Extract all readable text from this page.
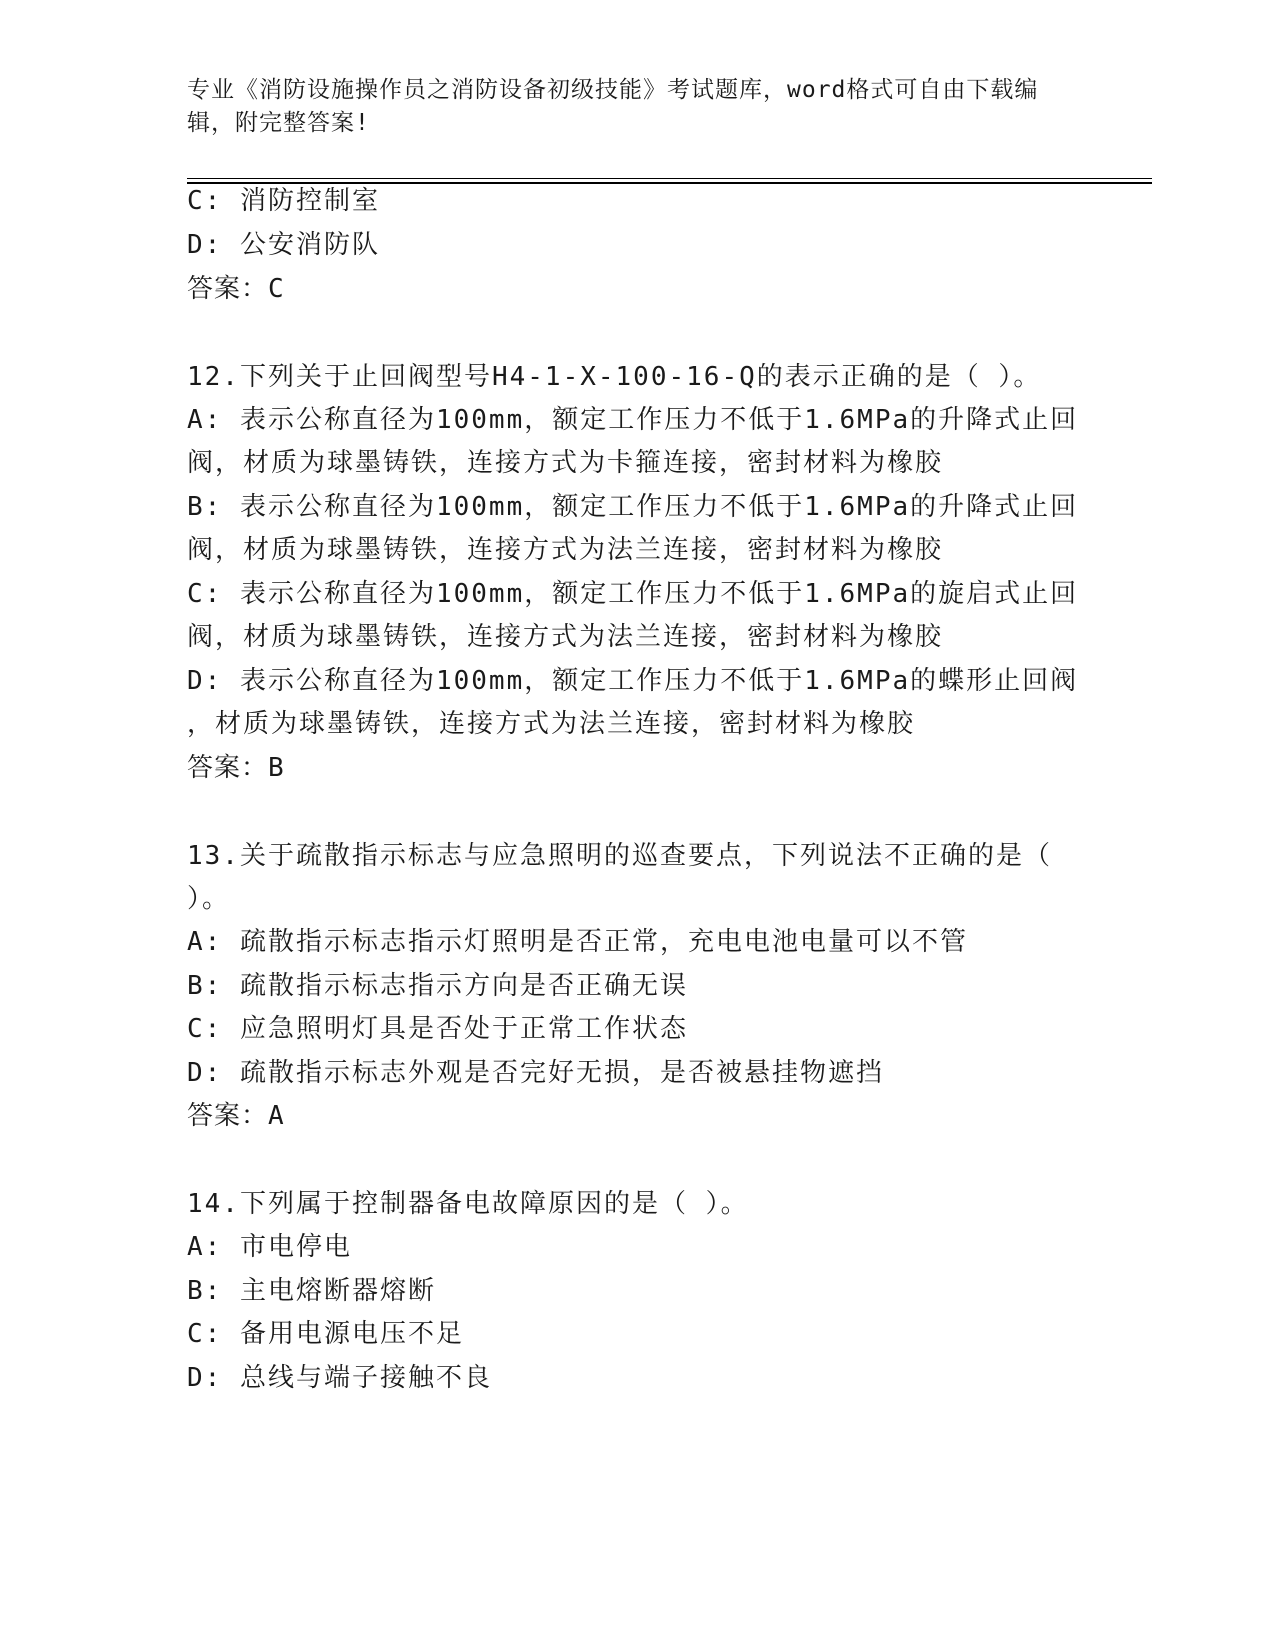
专业《消防设施操作员之消防设备初级技能》考试题库，word格式可自由下载编辑，附完整答案!
C: 消防控制室
D: 公安消防队
答案：C
12.下列关于止回阀型号H4-1-X-100-16-Q的表示正确的是（ ）。
A: 表示公称直径为100mm，额定工作压力不低于1.6MPa的升降式止回
阀，材质为球墨铸铁，连接方式为卡箍连接，密封材料为橡胶
B: 表示公称直径为100mm，额定工作压力不低于1.6MPa的升降式止回
阀，材质为球墨铸铁，连接方式为法兰连接，密封材料为橡胶
C: 表示公称直径为100mm，额定工作压力不低于1.6MPa的旋启式止回
阀，材质为球墨铸铁，连接方式为法兰连接，密封材料为橡胶
D: 表示公称直径为100mm，额定工作压力不低于1.6MPa的蝶形止回阀
，材质为球墨铸铁，连接方式为法兰连接，密封材料为橡胶
答案：B
13.关于疏散指示标志与应急照明的巡查要点，下列说法不正确的是（
）。
A: 疏散指示标志指示灯照明是否正常，充电电池电量可以不管
B: 疏散指示标志指示方向是否正确无误
C: 应急照明灯具是否处于正常工作状态
D: 疏散指示标志外观是否完好无损，是否被悬挂物遮挡
答案：A
14.下列属于控制器备电故障原因的是（ ）。
A: 市电停电
B: 主电熔断器熔断
C: 备用电源电压不足
D: 总线与端子接触不良
